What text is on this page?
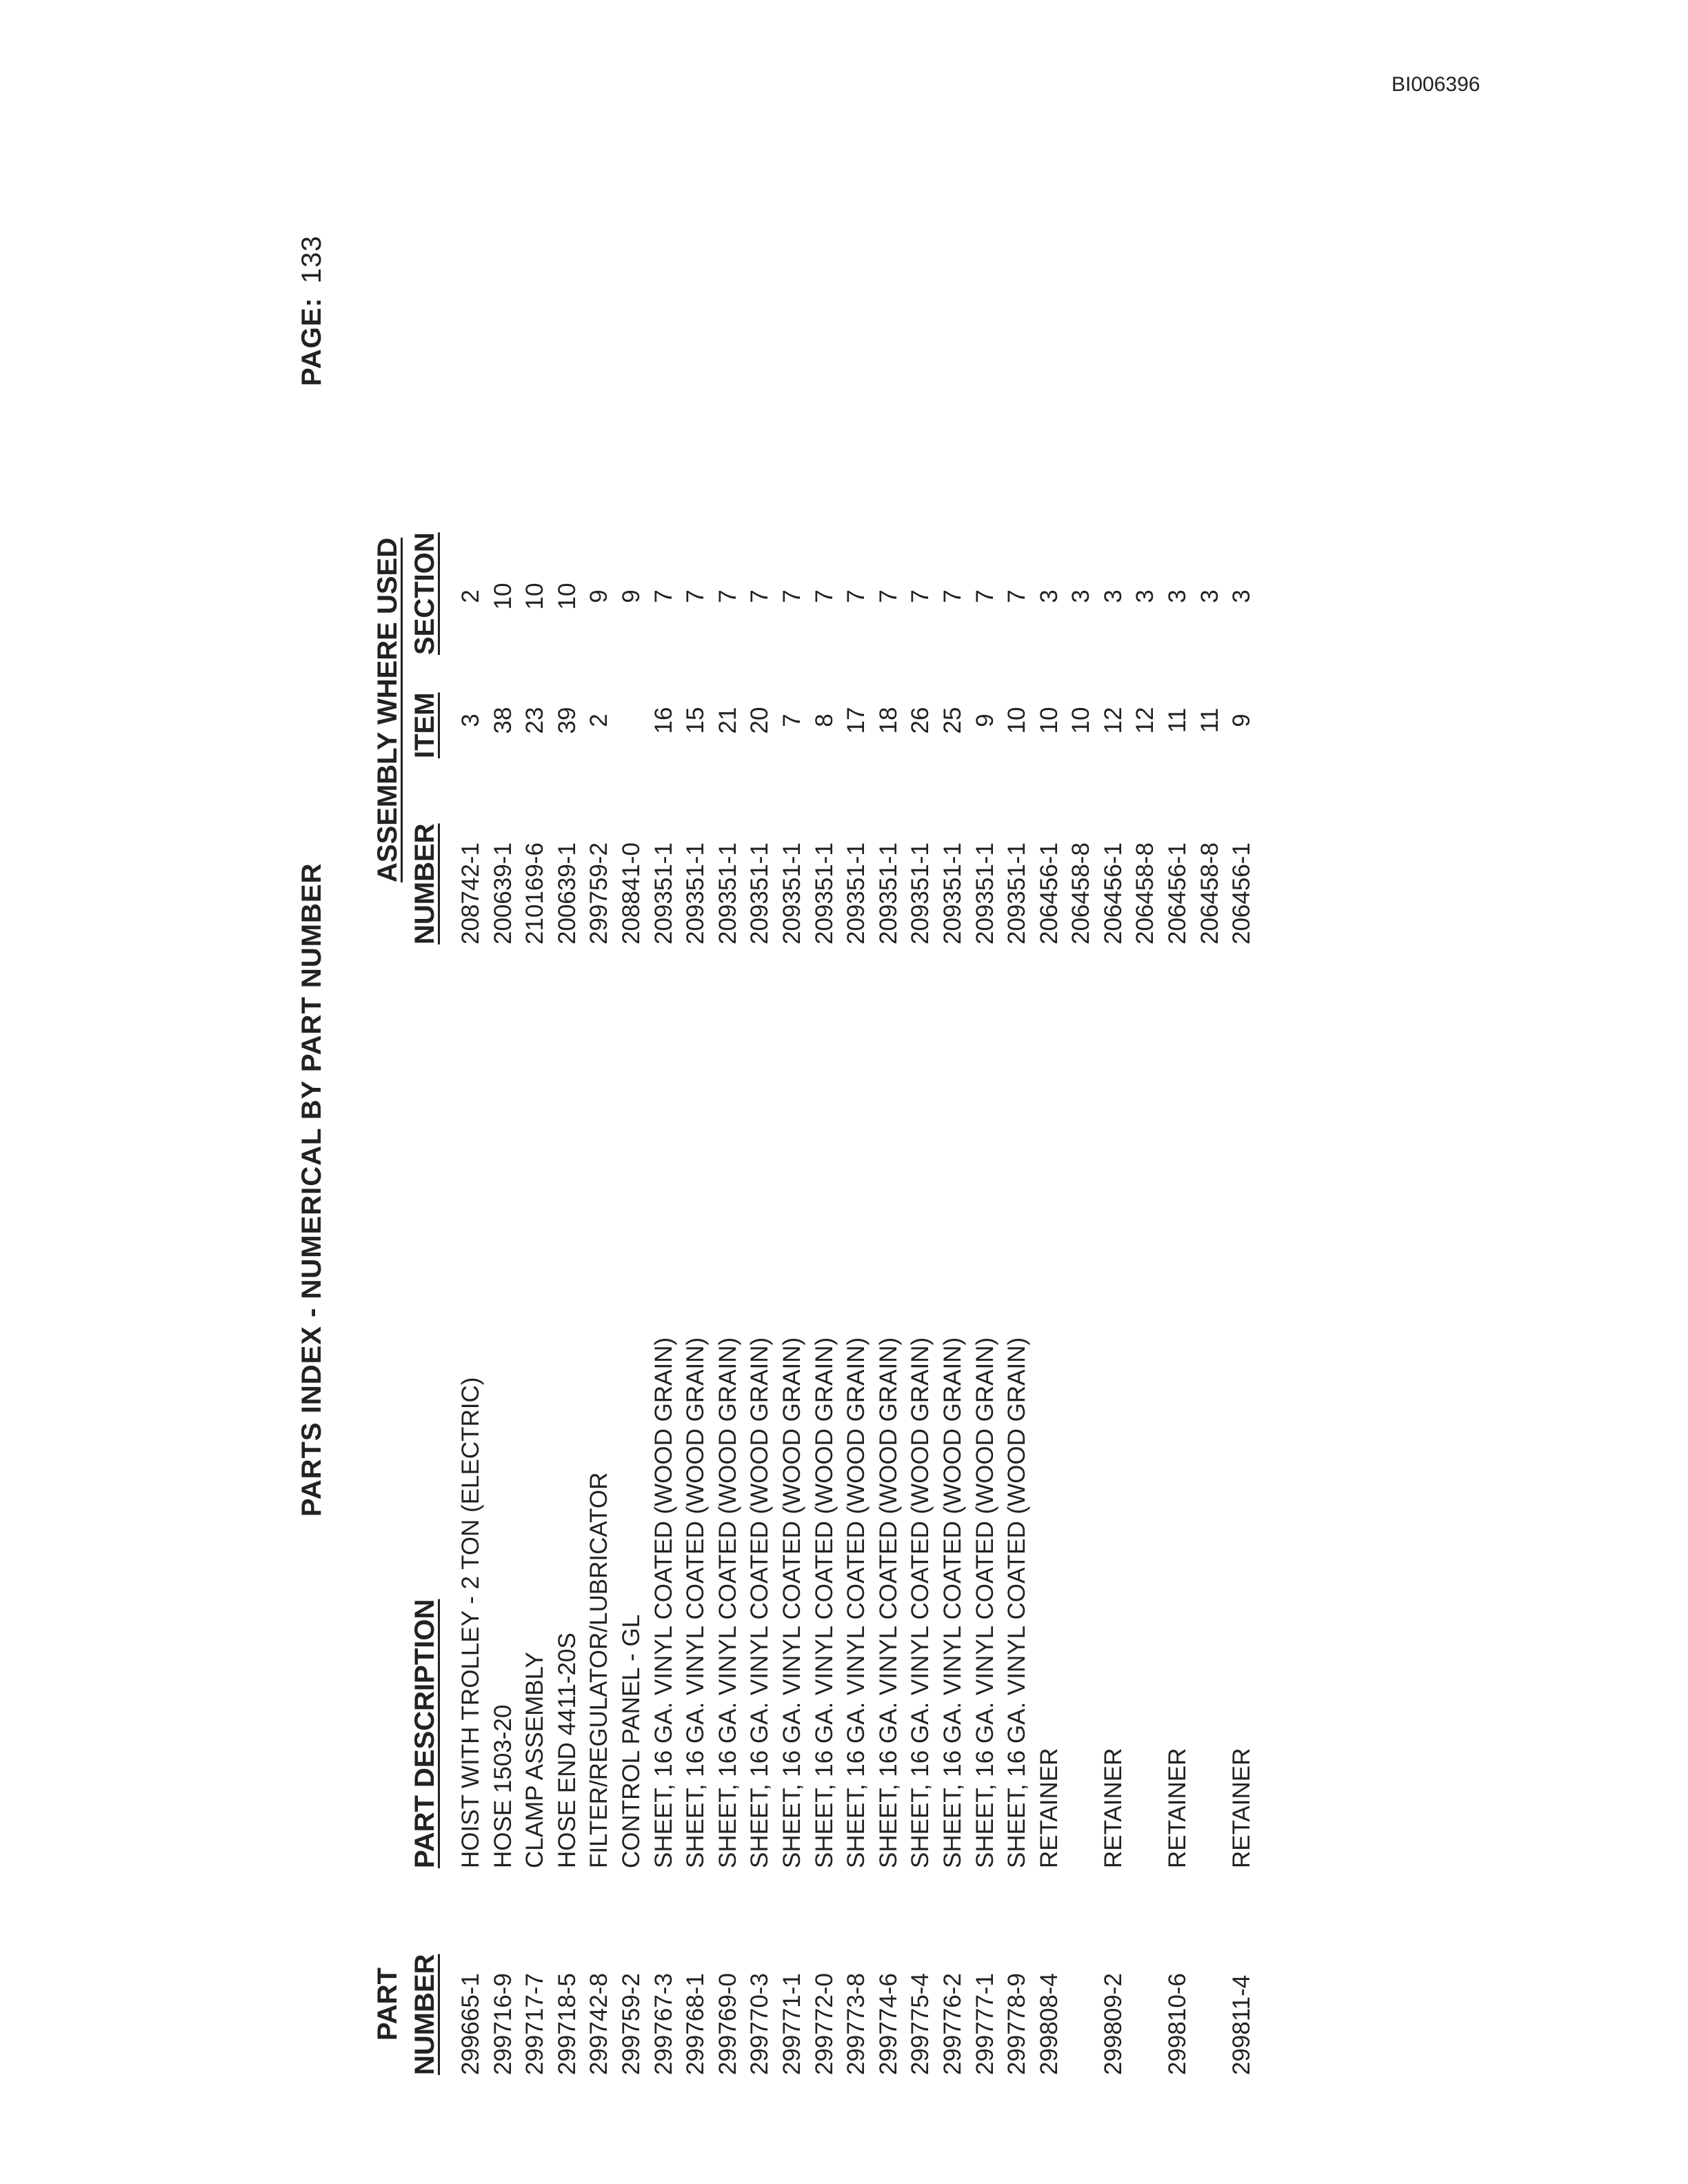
BI006396
PARTS INDEX - NUMERICAL BY PART NUMBER
PAGE:133
PART NUMBER
PART DESCRIPTION
ASSEMBLY WHERE USED
NUMBER
ITEM
SECTION
299665-1
HOIST WITH TROLLEY - 2 TON (ELECTRIC)
208742-1
3
2
299716-9
HOSE 1503-20
200639-1
38
10
299717-7
CLAMP ASSEMBLY
210169-6
23
10
299718-5
HOSE END 4411-20S
200639-1
39
10
299742-8
FILTER/REGULATOR/LUBRICATOR
299759-2
2
9
299759-2
CONTROL PANEL - GL
208841-0
9
299767-3
SHEET, 16 GA. VINYL COATED (WOOD GRAIN)
209351-1
16
7
299768-1
SHEET, 16 GA. VINYL COATED (WOOD GRAIN)
209351-1
15
7
299769-0
SHEET, 16 GA. VINYL COATED (WOOD GRAIN)
209351-1
21
7
299770-3
SHEET, 16 GA. VINYL COATED (WOOD GRAIN)
209351-1
20
7
299771-1
SHEET, 16 GA. VINYL COATED (WOOD GRAIN)
209351-1
7
7
299772-0
SHEET, 16 GA. VINYL COATED (WOOD GRAIN)
209351-1
8
7
299773-8
SHEET, 16 GA. VINYL COATED (WOOD GRAIN)
209351-1
17
7
299774-6
SHEET, 16 GA. VINYL COATED (WOOD GRAIN)
209351-1
18
7
299775-4
SHEET, 16 GA. VINYL COATED (WOOD GRAIN)
209351-1
26
7
299776-2
SHEET, 16 GA. VINYL COATED (WOOD GRAIN)
209351-1
25
7
299777-1
SHEET, 16 GA. VINYL COATED (WOOD GRAIN)
209351-1
9
7
299778-9
SHEET, 16 GA. VINYL COATED (WOOD GRAIN)
209351-1
10
7
299808-4
RETAINER
206456-1
10
3
206458-8
10
3
299809-2
RETAINER
206456-1
12
3
206458-8
12
3
299810-6
RETAINER
206456-1
11
3
206458-8
11
3
299811-4
RETAINER
206456-1
9
3
